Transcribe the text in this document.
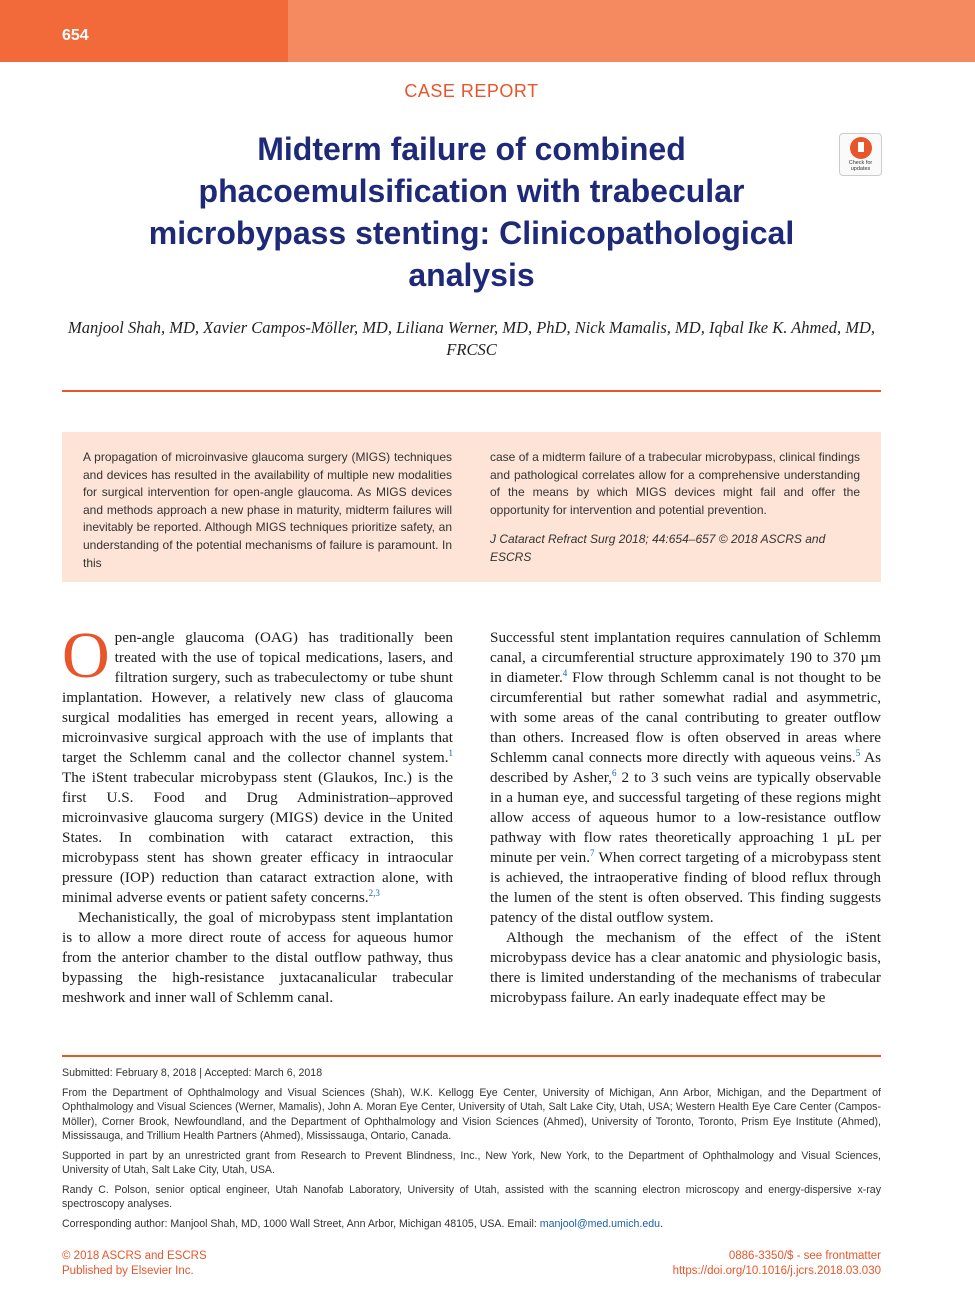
654
CASE REPORT
Midterm failure of combined phacoemulsification with trabecular microbypass stenting: Clinicopathological analysis
Check for updates
Manjool Shah, MD, Xavier Campos-Möller, MD, Liliana Werner, MD, PhD, Nick Mamalis, MD, Iqbal Ike K. Ahmed, MD, FRCSC
A propagation of microinvasive glaucoma surgery (MIGS) techniques and devices has resulted in the availability of multiple new modalities for surgical intervention for open-angle glaucoma. As MIGS devices and methods approach a new phase in maturity, midterm failures will inevitably be reported. Although MIGS techniques prioritize safety, an understanding of the potential mechanisms of failure is paramount. In this
case of a midterm failure of a trabecular microbypass, clinical findings and pathological correlates allow for a comprehensive understanding of the means by which MIGS devices might fail and offer the opportunity for intervention and potential prevention.
J Cataract Refract Surg 2018; 44:654–657 © 2018 ASCRS and ESCRS

Open-angle glaucoma (OAG) has traditionally been treated with the use of topical medications, lasers, and filtration surgery, such as trabeculectomy or tube shunt implantation. However, a relatively new class of glaucoma surgical modalities has emerged in recent years, allowing a microinvasive surgical approach with the use of implants that target the Schlemm canal and the collector channel system.$^1$ The iStent trabecular microbypass stent (Glaukos, Inc.) is the first U.S. Food and Drug Administration–approved microinvasive glaucoma surgery (MIGS) device in the United States. In combination with cataract extraction, this microbypass stent has shown greater efficacy in intraocular pressure (IOP) reduction than cataract extraction alone, with minimal adverse events or patient safety concerns.$^{2,3}$

Mechanistically, the goal of microbypass stent implantation is to allow a more direct route of access for aqueous humor from the anterior chamber to the distal outflow pathway, thus bypassing the high-resistance juxtacanalicular trabecular meshwork and inner wall of Schlemm canal.

Successful stent implantation requires cannulation of Schlemm canal, a circumferential structure approximately 190 to 370 µm in diameter.$^4$ Flow through Schlemm canal is not thought to be circumferential but rather somewhat radial and asymmetric, with some areas of the canal contributing to greater outflow than others. Increased flow is often observed in areas where Schlemm canal connects more directly with aqueous veins.$^5$ As described by Asher,$^6$ 2 to 3 such veins are typically observable in a human eye, and successful targeting of these regions might allow access of aqueous humor to a low-resistance outflow pathway with flow rates theoretically approaching 1 µL per minute per vein.$^7$ When correct targeting of a microbypass stent is achieved, the intraoperative finding of blood reflux through the lumen of the stent is often observed. This finding suggests patency of the distal outflow system.

Although the mechanism of the effect of the iStent microbypass device has a clear anatomic and physiologic basis, there is limited understanding of the mechanisms of trabecular microbypass failure. An early inadequate effect may be

Submitted: February 8, 2018 | Accepted: March 6, 2018

From the Department of Ophthalmology and Visual Sciences (Shah), W.K. Kellogg Eye Center, University of Michigan, Ann Arbor, Michigan, and the Department of Ophthalmology and Visual Sciences (Werner, Mamalis), John A. Moran Eye Center, University of Utah, Salt Lake City, Utah, USA; Western Health Eye Care Center (Campos-Möller), Corner Brook, Newfoundland, and the Department of Ophthalmology and Vision Sciences (Ahmed), University of Toronto, Toronto, Prism Eye Institute (Ahmed), Mississauga, and Trillium Health Partners (Ahmed), Mississauga, Ontario, Canada.

Supported in part by an unrestricted grant from Research to Prevent Blindness, Inc., New York, New York, to the Department of Ophthalmology and Visual Sciences, University of Utah, Salt Lake City, Utah, USA.

Randy C. Polson, senior optical engineer, Utah Nanofab Laboratory, University of Utah, assisted with the scanning electron microscopy and energy-dispersive x-ray spectroscopy analyses.

Corresponding author: Manjool Shah, MD, 1000 Wall Street, Ann Arbor, Michigan 48105, USA. Email: manjool@med.umich.edu.

© 2018 ASCRS and ESCRS
Published by Elsevier Inc.
0886-3350/$ - see frontmatter
https://doi.org/10.1016/j.jcrs.2018.03.030
